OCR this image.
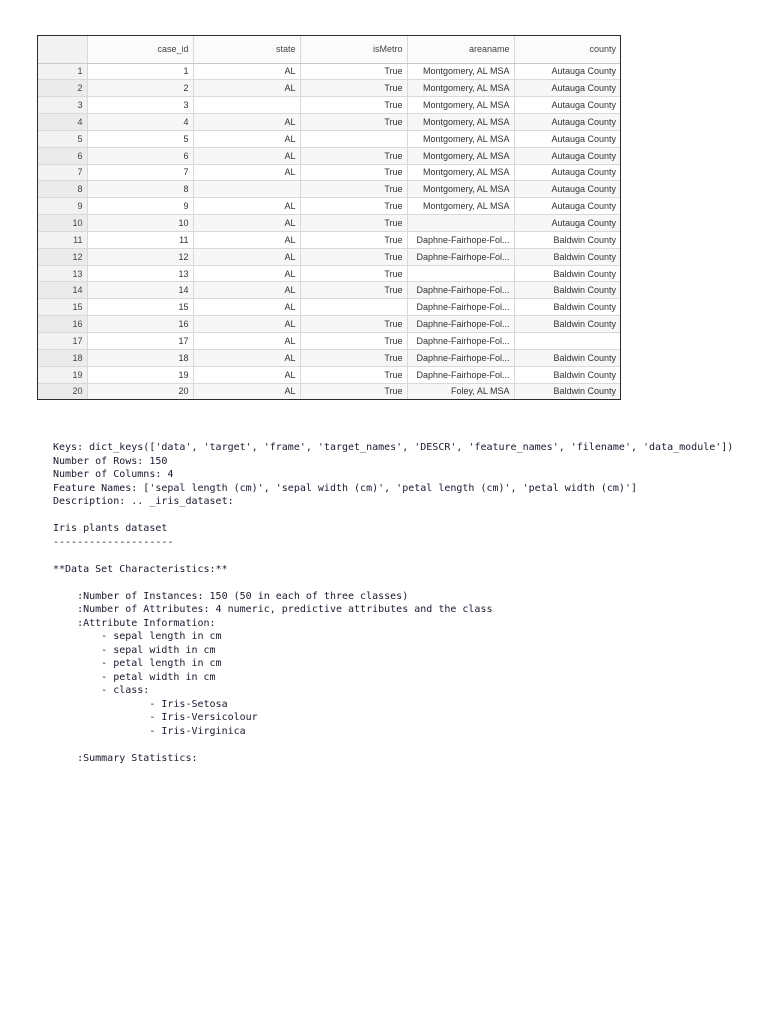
	case_id	state	isMetro	areaname	county
1	1	AL	True	Montgomery, AL MSA	Autauga County
2	2	AL	True	Montgomery, AL MSA	Autauga County
3	3		True	Montgomery, AL MSA	Autauga County
4	4	AL	True	Montgomery, AL MSA	Autauga County
5	5	AL		Montgomery, AL MSA	Autauga County
6	6	AL	True	Montgomery, AL MSA	Autauga County
7	7	AL	True	Montgomery, AL MSA	Autauga County
8	8		True	Montgomery, AL MSA	Autauga County
9	9	AL	True	Montgomery, AL MSA	Autauga County
10	10	AL	True		Autauga County
11	11	AL	True	Daphne-Fairhope-Fol...	Baldwin County
12	12	AL	True	Daphne-Fairhope-Fol...	Baldwin County
13	13	AL	True		Baldwin County
14	14	AL	True	Daphne-Fairhope-Fol...	Baldwin County
15	15	AL		Daphne-Fairhope-Fol...	Baldwin County
16	16	AL	True	Daphne-Fairhope-Fol...	Baldwin County
17	17	AL	True	Daphne-Fairhope-Fol...	
18	18	AL	True	Daphne-Fairhope-Fol...	Baldwin County
19	19	AL	True	Daphne-Fairhope-Fol...	Baldwin County
20	20	AL	True	Foley, AL MSA	Baldwin County
Keys: dict_keys(['data', 'target', 'frame', 'target_names', 'DESCR', 'feature_names', 'filename', 'data_module'])
Number of Rows: 150
Number of Columns: 4
Feature Names: ['sepal length (cm)', 'sepal width (cm)', 'petal length (cm)', 'petal width (cm)']
Description: .. _iris_dataset:
Iris plants dataset
--------------------
**Data Set Characteristics:**
:Number of Instances: 150 (50 in each of three classes)
:Number of Attributes: 4 numeric, predictive attributes and the class
:Attribute Information:
- sepal length in cm
- sepal width in cm
- petal length in cm
- petal width in cm
- class:
- Iris-Setosa
- Iris-Versicolour
- Iris-Virginica
:Summary Statistics:
